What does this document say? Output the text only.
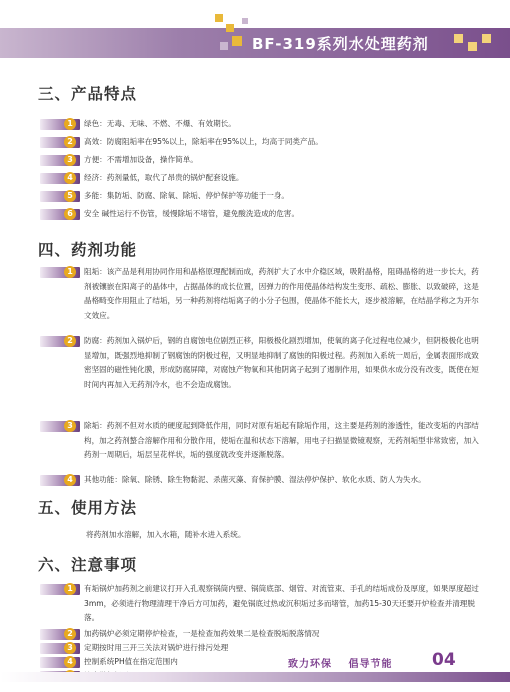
BF-319系列水处理药剂
三、产品特点
1	绿色：无毒、无味、不燃、不爆、有效期长。
2	高效：防腐阻垢率在95%以上，除垢率在95%以上，均高于同类产品。
3	方便：不需增加设备，操作简单。
4	经济：药剂量低，取代了昂贵的锅炉配套设施。
5	多能：集防垢、防腐、除氧、除垢、停炉保护等功能于一身。
6	安全 碱性运行不伤管，缓慢除垢不堵管，避免酸洗造成的危害。
四、药剂功能
1	阻垢：该产品是利用协同作用和晶格原理配制而成，药剂扩大了水中介稳区域，吸附晶格，阻碍晶格的进一步长大，药剂被镶嵌在阳离子的晶体中，占据晶体的成长位置，因弹力的作用使晶体结构发生变形、疏松、膨胀、以致破碎，这是晶格畸变作用阻止了结垢，另一种药剂将结垢离子的小分子包围，使晶体不能长大，逐步被溶解，在结晶学称之为开尔文效应。
2	防腐：药剂加入锅炉后，钢的自腐蚀电位剧烈正移，阳极极化剧烈增加，使氧的离子化过程电位减少，但阴极极化也明显增加，既强烈地抑制了钢腐蚀的阴极过程，又明显地抑制了腐蚀的阳极过程。药剂加入系统一周后，金属表面形成致密坚固的磁性钝化膜，形成防腐屏障，对腐蚀产物氧和其他阴离子起到了遏制作用，如果供水成分没有改变，既使在短时间内再加入无药剂冷水，也不会造成腐蚀。
3	除垢：药剂不但对水质的硬度起到降低作用，同时对原有垢起有除垢作用，这主要是药剂的渗透性，能改变垢的内部结构，加之药剂螯合溶解作用和分散作用，使垢在温和状态下溶解，用电子扫描显微镜观察，无药剂垢型非常致密，加入药剂一周期后，垢层呈花样状，垢的强度就改变并逐渐脱落。
4	其他功能：除氧、除锈、除生物黏泥、杀菌灭藻、育保护膜、湿法停炉保护、软化水质、防人为失水。
五、使用方法
将药剂加水溶解，加入水箱，随补水进入系统。
六、注意事项
1	有垢锅炉加药剂之前建议打开入孔观察锅筒内壁、锅筒底部、烟管、对流管束、手孔的结垢成份及厚度，如果厚度超过3mm，必须进行物理清理干净后方可加药，避免锅底过热或沉积垢过多而堵管，加药15-30天还要开炉检查并清理脱落。
2	加药锅炉必须定期停炉检查，一是检查加药效果二是检查脱垢脱落情况
3	定期按时用三开三关法对锅炉进行排污处理
4	控制系统PH值在指定范围内	致力环保 倡导节能	04
